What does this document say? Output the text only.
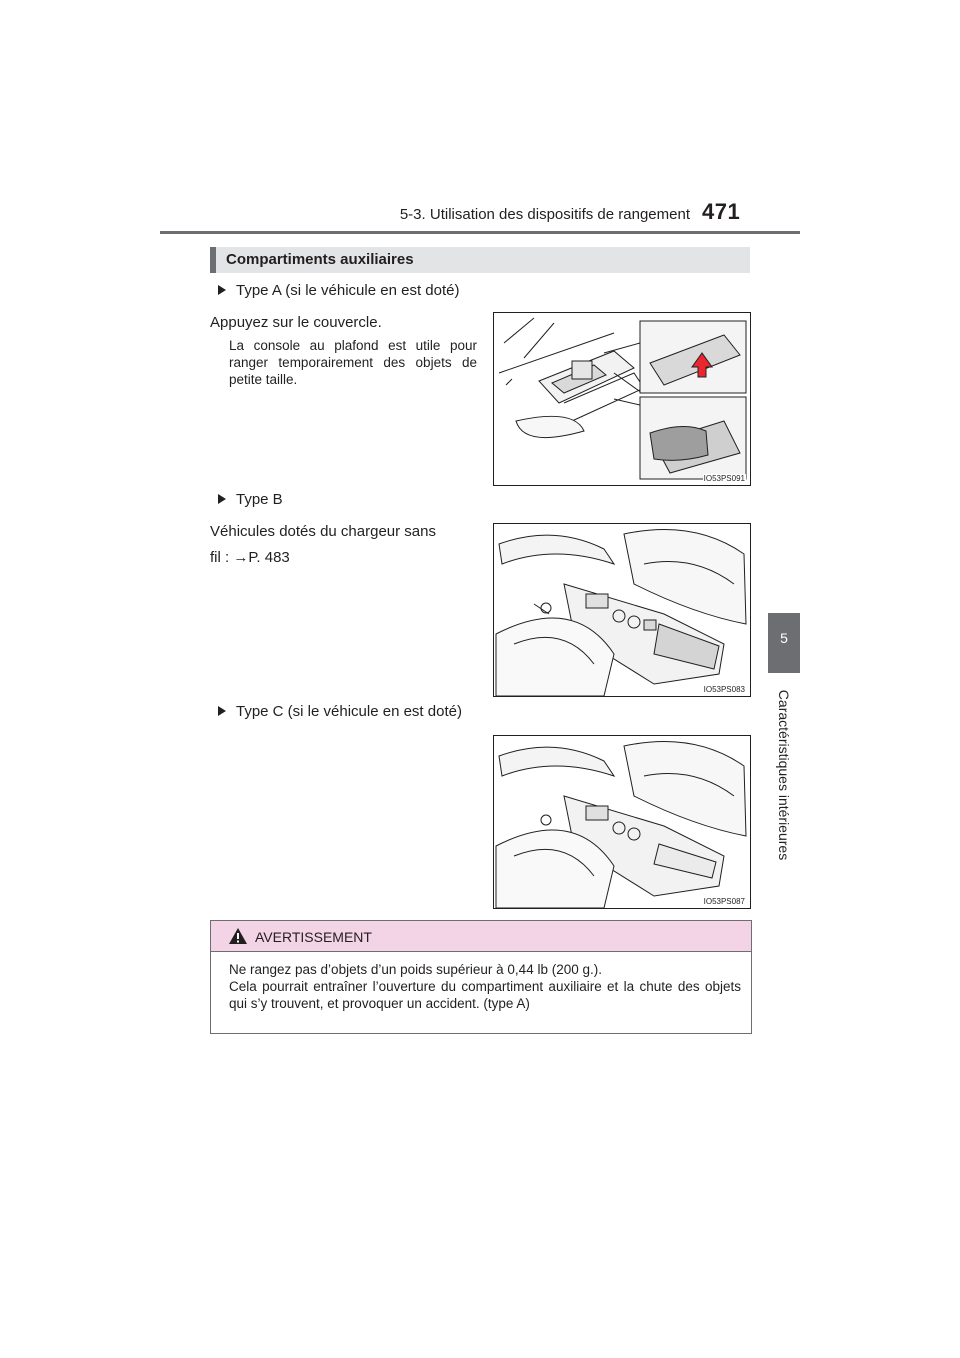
5-3. Utilisation des dispositifs de rangement 471
5
Caractéristiques intérieures
Compartiments auxiliaires
Type A (si le véhicule en est doté)
Appuyez sur le couvercle.
La console au plafond est utile pour ranger temporairement des objets de petite taille.
IO53PS091
Type B
Véhicules dotés du chargeur sans
fil : →P. 483
IO53PS083
Type C (si le véhicule en est doté)
IO53PS087
AVERTISSEMENT
Ne rangez pas d’objets d’un poids supérieur à 0,44 lb (200 g.).
Cela pourrait entraîner l’ouverture du compartiment auxiliaire et la chute des objets qui s’y trouvent, et provoquer un accident. (type A)
